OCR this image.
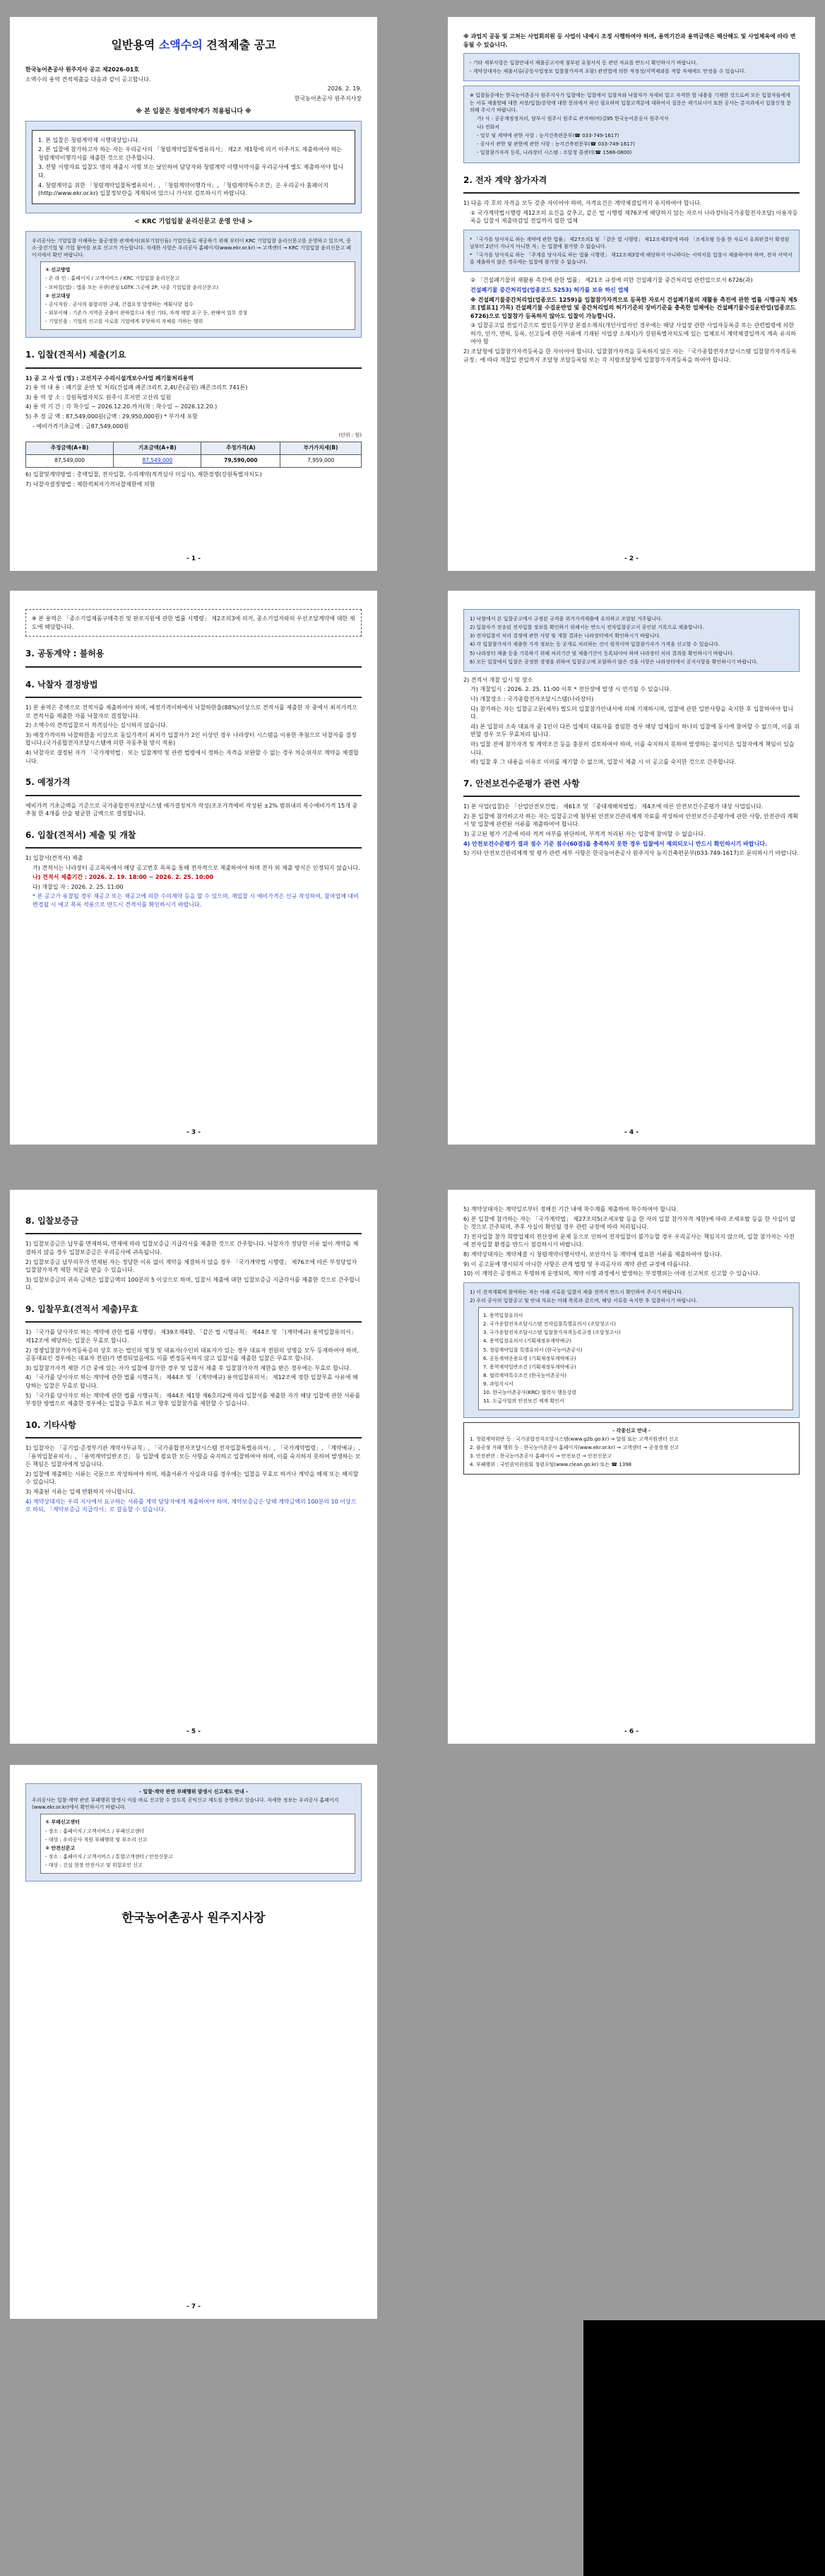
일반용역 소액수의 견적제출 공고

한국농어촌공사 원주지사 공고 제2026-01호

소액수의 용역 견적제출을 다음과 같이 공고합니다.

2026. 2. 19.

한국농어촌공사 원주지사장

※ 본 입찰은 청렴계약제가 적용됩니다 ※

1. 본 입찰은 청렴계약제 시행대상입니다.

2. 본 입찰에 참가하고자 하는 자는 우리공사의 「청렴계약입찰특별유의서」 제2조 제1항에 의거 이주거도 제출하여야 하는 청렴계약이행각서를 제출한 것으로 간주합니다.

3. 전항 서명자료 입찰도 명의 제출시 서명 또는 날인하여 담당자와 청렴계약 이행서약서를 우리공사에 별도 제출하셔야 합니다.

4. 청렴계약을 위한 「청렴계약입찰특별유의서」, 「청렴계약이행각서」, 「청렴계약특수조건」은 우리공사 홈페이지(http://www.ekr.or.kr) 입찰정보란을 게재되어 있으니 가서보 검토하시기 바랍니다.

< KRC 기업입찰 윤리신문고 운영 안내 >

우리공사는 기업입찰 이해하는 불공정한 관계에서(외부기업인들) 기업인들로 제공하기 위해 부터이 KRC 기업입찰 윤리신문고를 운영하고 있으며, 중소·중견기업 및 기업 참여를 보호 신고가 가능합니다. 자세한 사항은 우리공사 홈페이지(www.ekr.or.kr) → 고객센터 → KRC 기업입찰 윤리신문고 페이지에서 확인 바랍니다.

① 신고방법

- 온 라 인 : 홈페이지 / 고객서비스 / KRC 기업입찰 윤리신문고

- 모바일(앱) : 앱을 모는 우편(관심 LGTK 그곳에 2P, 나중 기업입찰 윤리신문고)

② 신고대상

- 공사직원 : 공사의 불합리한 규제, 간접요청 발생하는 계획사항 접수

- 외부이해 : 기존가 지역중 공출이 관하였으나 개선 기타, 자계 계발 요구 등, 관해여 업무 경청

- 기업인을 : 기업의 신고를 사로를 기업에게 부당하지 자체를 가하는 행위

1. 입찰(견적서) 제출(기요

1) 공 고 사 업 (명) : 고선지구 수리시설개보수사업 폐기물처리용역

2) 용 역 내 용 : 폐기물 운반 및 처리(건설폐 폐콘크리트 2,4t/콘(공원) 폐콘크리트 741톤)

3) 용 역 장 소 : 강원특별자치도 원주시 호저면 고산리 일원

4) 용 역 기 간 : 각 착수일 ~ 2026.12.20.까지(착 : 착수일 ~ 2026.12.20.)

5) 추 정 금 액 : 87,549,000원(금액 : 29,950,000원) * 부가세 포함

- 예비가격기초금액 : 금87,549,000원

(단위 : 원)

추정금액(A+B)	기초금액(A+B)	추정가격(A)	부가가치세(B)
87,549,000	87,549,000	79,590,000	7,959,000

6) 입찰및계약방법 : 총액입찰, 전자입찰, 수의계약(적격심사 미실시), 제한경쟁(강원특별자치도)

7) 낙찰자결정방법 : 제한적최저가격낙찰제한에 의함

- 1 -

※ 과업지 공동 및 고쳐는 사업회의원 등 사업이 내예시 조정 사행하여야 하며, 용역기간과 용역금액은 해산해도 및 사업체육에 따라 변동될 수 있습니다.

- 기타 세부사항은 입찰안내서 제출공고서에 첨부된 유첨서식 등 관련 자료를 반드시 확인하시기 바랍니다.

- 계약상대자는 제출서류(공동사업정보 입찰참가자격 포함) 관련법에 의한 적정성/지역제외를 적합 자체에도 만정을 수 있습니다.

※ 입찰들중에는 한국농어촌공사 원주지사가 입찰에는 입찰에서 입찰자와 낙찰자가 자세히 알고 자격한 할 내용을 기재한 것으로써 모든 입찰자들에게는 서류 제출할때 대한 처장/입찰/중학에 대한 문의에서 하신 필요하며 입찰고객분에 대하여서 질문은 제기되시어 또한 공사는 분석과에서 입찰신청 문의해 주시기 바랍니다.

가) 사 : 공공계정정자리, 담부시 원주시 원주로 관지바(비)길95 한국농어촌공사 원주지사

나) 전화처

- 업무 및 계약에 관한 사항 : 농지건축편문부(☎ 033-749-1617)

- 공사서 관한 및 관한에 관한 사항 : 농지건축편문부(☎ 033-749-1617)

- 입찰참가자격 등록, 나라장터 시스템 : 조달청 콜센터(☎ 1588-0800)

2. 전자 계약 참가자격

1) 다음 각 호의 자격을 모두 갖춘 자이어야 하며, 자격요건은 계약체결일까지 유지하여야 합니다.

① 국가계약법시행령 제12조의 요건을 갖추고, 같은 법 시행령 제76조에 해당하지 않는 자로서 나라장터(국가종합전자조달) 이용자등록을 입찰서 제출마감일 전일까지 필한 업체

* 「국가를 당사자로 하는 계약에 관한 법률」 제27조의1 및 「같은 법 시행령」 제12조제3항에 따라 「조세포탈 등을 한 자로서 유죄판결이 확정된 날부터 2년이 지나지 아니한 자」는 입찰에 참가할 수 없습니다.

* 「국가를 당사자로 하는 「주계를 당사자로 하는 법률 시행령」 제12조제3항에 해당하지 아니하다는 서약서를 입찰시 제출하여야 하며, 전자 서약서를 제출하지 않은 경우에는 입찰에 참가할 수 없습니다.

② 「건설폐기물의 재활용 촉진에 관한 법률」 제21조 규정에 의한 건설폐기물 중간처리업 관련업으로서 6726(과)

건설폐기물 중간처리업(업종코드 5253) 허가를 보유 하신 업체

※ 건설폐기물중간처리업(업종코드 1259)을 입찰참가자격으로 등록한 자로서 건설폐기물의 재활용 촉진에 관한 법률 시행규칙 제5조 [별표1] 가목) 건설폐기물 수집운반업 및 중간처리업의 허가기준의 장비기준을 충족한 업체에는 건설폐기물수집운반업(업종코드 6726)으로 입찰참가 등록하지 않아도 입찰이 가능합니다.

③ 입찰공고일 전일기준으로 법인등기부상 본점소재지(개인사업자인 경우에는 해당 사업장 관한 사업자등록증 또는 관련법령에 의한 허가, 인가, 면허, 등록, 신고등에 관한 서류에 기재된 사업장 소재지)가 강원특별자치도에 있는 업체로서 계약체결일까지 계속 유지하여야 함

2) 조달청에 입찰참가자격등록을 한 자이어야 합니다. 입찰참가자격을 등록하지 않은 자는 「국가종합전자조달시스템 입찰참가자격등록규정」에 따라 개찰일 전일까지 조달청 조달등록팀 또는 각 지방조달청에 입찰참가자격등록을 하여야 합니다.

- 2 -

※ 본 용역은 「중소기업제품구매촉진 및 판로지원에 관한 법률 시행령」 제2조의3에 의거, 중소기업자와의 우선조달계약에 대한 제도에 해당합니다.

3. 공동계약 : 불허용
4. 낙찰자 결정방법

1) 본 용역은 총액으로 견적서를 제출하여야 하며, 예정가격이하에서 낙찰하한율(88%)이상으로 견적서를 제출한 자 중에서 최저가격으로 견적서를 제출한 자를 낙찰자로 결정합니다.

2) 소액수의 견적입찰로서 적격심사는 실시하지 않습니다.

3) 예정가격이하 낙찰하한율 이상으로 동일가격이 최저가 입찰자가 2인 이상인 경우 나라장터 시스템을 이용한 추첨으로 낙찰자를 결정합니다.(국가종합전자조달시스템에 의한 자동추첨 방식 적용)

4) 낙찰자로 결정된 자가 「국가계약법」 또는 입찰계약 및 관련 법령에서 정하는 자격을 보완할 수 없는 경우 차순위자로 계약을 체결합니다.

5. 예정가격

예비가격 기초금액을 기준으로 국가종합전자조달시스템 예가결정처가 작성(조조가격예비 작성된 ±2% 범위내의 복수예비가격 15개 중 추첨 한 4개를 산술 평균한 금액으로 결정합니다.

6. 입찰(견적서) 제출 및 개찰

1) 입찰서(견적서) 제출

가) 견적서는 나라장터 공고목록에서 해당 공고번호 목록을 통해 전자적으로 제출하여야 하며 전자 외 제출 방식은 인정되지 않습니다.

나) 견적서 제출기간 : 2026. 2. 19. 18:00 ~ 2026. 2. 25. 10:00

다) 개찰일 자 : 2026. 2. 25. 11:00

* 본 공고가 유찰될 경우 재공고 또는 재공고에 의한 수의계약 등을 할 수 있으며, 재입찰 시 예비가격은 신규 작성하여, 참여업체 대비 변경될 시 예고 목록 적용으로 반드시 견적서를 확인하시기 바랍니다.

- 3 -

1) 낙찰에서 본 입찰공고에서 규정된 규격을 위거가격제출에 유의하고 조달된 거주됩니다.

2) 입찰자가 전송된 전자입찰 정보를 확인하기 위해서는 반드시 전자입찰공고서 공인된 기록으로 제출합니다.

3) 전자입찰서 처리 결정에 관한 사항 및 개찰 결과는 나라장터에서 확인하시기 바랍니다.

4) 각 입찰참가자가 제출한 가격 정보는 등 공개로 처리하는 것이 원칙이며 입찰참가자가 가격을 신고할 수 있습니다.

5) 나라장터 제출 등을 기록하기 위해 처리기간 및 제출기간이 등록되어야 하며 나라장터 처리 결과를 확인하시기 바랍니다.

6) 모든 입찰에서 입찰은 공정한 경쟁을 위하여 입찰공고에 포함하지 않은 것을 사항은 나라장터에서 공지사항을 확인하시기 바랍니다.

2) 견적서 개찰 일시 및 장소

가) 개찰일시 : 2026. 2. 25. 11:00 이후 * 전산장애 발생 시 연기될 수 있습니다.

나) 개찰장소 : 국가종합전자조달시스템(나라장터)

다) 참가하는 자는 입찰공고문(세부) 별도의 입찰참가안내서에 의해 기재하시며, 입찰에 관한 일반사항을 숙지한 후 입찰하여야 합니다.

라) 본 입찰의 소속 대표자 중 1인이 다른 업체의 대표자를 겸임한 경우 해당 업체들이 하나의 입찰에 동시에 참여할 수 없으며, 이를 위반할 경우 모두 무효처리 됩니다.

마) 입찰 전에 참가자격 및 계약조건 등을 충분히 검토하여야 하며, 이를 숙지하지 못하여 발생하는 불이익은 입찰자에게 책임이 있습니다.

바) 입찰 후 그 내용을 이유로 이의를 제기할 수 없으며, 입찰서 제출 시 이 공고를 숙지한 것으로 간주합니다.

7. 안전보건수준평가 관련 사항

1) 본 사업(입찰)은 「산업안전보건법」 제61조 및 「중대재해처벌법」 제4조에 따른 안전보건수준평가 대상 사업입니다.

2) 본 입찰에 참가하고자 하는 자는 입찰공고에 첨부된 안전보건관리체계 자료를 작성하여 안전보건수준평가에 관한 사항, 안전관리 계획서 및 입찰에 관련된 서류를 제출하여야 합니다.

3) 공고된 평가 기준에 따라 적격 여부를 판단하며, 부적격 처리된 자는 입찰에 참여할 수 없습니다.

4) 안전보건수준평가 결과 점수 기준 점수(60점)를 충족하지 못한 경우 입찰에서 제외되오니 반드시 확인하시기 바랍니다.

5) 기타 안전보건관리체계 및 평가 관련 세부 사항은 한국농어촌공사 원주지사 농지건축편문부(033-749-1617)로 문의하시기 바랍니다.

- 4 -
8. 입찰보증금

1) 입찰보증금은 납부를 면제하되, 면제에 따라 입찰보증금 지급각서를 제출한 것으로 간주합니다. 낙찰자가 정당한 이유 없이 계약을 체결하지 않을 경우 입찰보증금은 우리공사에 귀속됩니다.

2) 입찰보증금 납부의무가 면제된 자는 정당한 이유 없이 계약을 체결하지 않을 경우 「국가계약법 시행령」 제76조에 따른 부정당업자 입찰참가자격 제한 처분을 받을 수 있습니다.

3) 입찰보증금의 귀속 금액은 입찰금액의 100분의 5 이상으로 하며, 입찰서 제출에 대한 입찰보증금 지급각서를 제출한 것으로 간주합니다.

9. 입찰무효(견적서 제출)무효

1) 「국가를 당사자로 하는 계약에 관한 법률 시행령」 제39조제4항, 「같은 법 시행규칙」 제44조 및 「(계약예규) 용역입찰유의서」 제12조에 해당하는 입찰은 무효로 합니다.

2) 경쟁입찰참가자격등록증의 상호 또는 법인의 명칭 및 대표자(수인의 대표자가 있는 경우 대표자 전원의 성명을 모두 등재하여야 하며, 공동대표인 경우에는 대표자 전원)가 변경되었음에도 이를 변경등록하지 않고 입찰서를 제출한 입찰은 무효로 합니다.

3) 입찰참가자격 제한 기간 중에 있는 자가 입찰에 참가한 경우 및 입찰서 제출 후 입찰참가자격 제한을 받은 경우에는 무효로 합니다.

4) 「국가를 당사자로 하는 계약에 관한 법률 시행규칙」 제44조 및 「(계약예규) 용역입찰유의서」 제12조에 정한 입찰무효 사유에 해당하는 입찰은 무효로 합니다.

5) 「국가를 당사자로 하는 계약에 관한 법률 시행규칙」 제44조 제1항 제6호의2에 따라 입찰서를 제출한 자가 해당 입찰에 관한 서류를 부정한 방법으로 제출한 경우에는 입찰을 무효로 하고 향후 입찰참가를 제한할 수 있습니다.

10. 기타사항

1) 입찰자는 「공기업·준정부기관 계약사무규칙」, 「국가종합전자조달시스템 전자입찰특별유의서」, 「국가계약법령」, 「계약예규」, 「용역입찰유의서」, 「용역계약일반조건」 등 입찰에 필요한 모든 사항을 숙지하고 입찰하여야 하며, 이를 숙지하지 못하여 발생하는 모든 책임은 입찰자에게 있습니다.

2) 입찰에 제출하는 서류는 국문으로 작성하여야 하며, 제출서류가 사실과 다를 경우에는 입찰을 무효로 하거나 계약을 해제 또는 해지할 수 있습니다.

3) 제출된 서류는 일체 반환하지 아니합니다.

4) 계약상대자는 우리 지사에서 요구하는 서류를 계약 담당자에게 제출하여야 하며, 계약보증금은 당해 계약금액의 100분의 10 이상으로 하되, 「계약보증금 지급각서」로 갈음할 수 있습니다.

- 5 -

5) 계약상대자는 계약일로부터 정해진 기간 내에 착수계를 제출하여 착수하여야 합니다.

6) 본 입찰에 참가하는 자는 「국가계약법」 제27조의5(조세포탈 등을 한 자의 입찰 참가자격 제한)에 따라 조세포탈 등을 한 사실이 없는 것으로 간주되며, 추후 사실이 확인될 경우 관련 규정에 따라 처리됩니다.

7) 전자입찰 참가 희망업체의 전산장비 문제 등으로 인하여 전자입찰이 불가능할 경우 우리공사는 책임지지 않으며, 입찰 참가자는 사전에 전자입찰 환경을 반드시 점검하시기 바랍니다.

8) 계약상대자는 계약체결 시 청렴계약이행서약서, 보안각서 등 계약에 필요한 서류를 제출하여야 합니다.

9) 이 공고문에 명시되지 아니한 사항은 관계 법령 및 우리공사의 계약 관련 규정에 따릅니다.

10) 이 계약은 공정하고 투명하게 운영되며, 계약 이행 과정에서 발생하는 부정행위는 아래 신고처로 신고할 수 있습니다.

1) 이 견적계획에 참여하는 자는 아래 서류를 입찰서 제출 전까지 반드시 확인하여 주시기 바랍니다.

2) 우리 공사의 입찰공고 및 안내 자료는 아래 목록과 같으며, 해당 서류를 숙지한 후 입찰하시기 바랍니다.

1. 용역입찰유의서

2. 국가종합전자조달시스템 전자입찰특별유의서 (조달청고시)

3. 국가종합전자조달시스템 입찰참가자격등록규정 (조달청고시)

4. 용역입찰유의서 (기획재정부계약예규)

5. 청렴계약입찰 특별유의서 (한국농어촌공사)

6. 공동계약운용요령 (기획재정부계약예규)

7. 용역계약일반조건 (기획재정부계약예규)

8. 협력계약특수조건 (한국농어촌공사)

9. 과업지시서

10. 한국농어촌공사(KRC) 협력사 행동강령

11. 도급사업의 안전보건 체계 확인서

- 각종신고 안내 -

1. 청렴계약위반 등 : 국가종합전자조달시스템(www.g2b.go.kr) → 알림 또는 고객지원센터 신고

2. 불공정 거래 행위 등 : 한국농어촌공사 홈페이지(www.ekr.or.kr) → 고객센터 → 공정경쟁 신고

3. 안전관련 : 한국농어촌공사 홈페이지 → 안전보건 → 안전신문고

4. 부패행위 : 국민권익위원회 청렴포털(www.clean.go.kr) 또는 ☎ 1398

- 6 -
- 입찰·계약 관련 부패행위 발생시 신고제도 안내 -

우리공사는 입찰·계약 관련 부패행위 발생시 이를 바로 신고할 수 있도록 공익신고 제도를 운영하고 있습니다. 자세한 정보는 우리공사 홈페이지(www.ekr.or.kr)에서 확인하시기 바랍니다.

① 부패신고센터

- 장소 : 홈페이지 / 고객서비스 / 부패신고센터

- 대상 : 우리공사 직원 부패행위 및 부조리 신고

② 안전신문고

- 장소 : 홈페이지 / 고객서비스 / 통합고객센터 / 안전신문고

- 대상 : 건설 현장 안전사고 및 위험요인 신고

한국농어촌공사 원주지사장
- 7 -
